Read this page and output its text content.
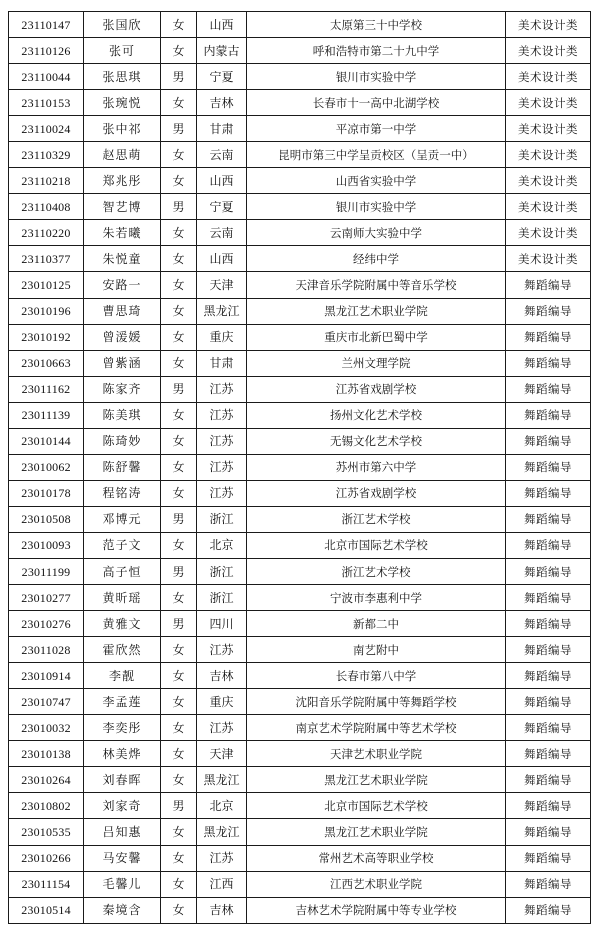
23110147	张国欣	女	山西	太原第三十中学校	美术设计类
23110126	张可	女	内蒙古	呼和浩特市第二十九中学	美术设计类
23110044	张思琪	男	宁夏	银川市实验中学	美术设计类
23110153	张琬悦	女	吉林	长春市十一高中北湖学校	美术设计类
23110024	张中祁	男	甘肃	平凉市第一中学	美术设计类
23110329	赵思萌	女	云南	昆明市第三中学呈贡校区（呈贡一中）	美术设计类
23110218	郑兆彤	女	山西	山西省实验中学	美术设计类
23110408	智艺博	男	宁夏	银川市实验中学	美术设计类
23110220	朱若曦	女	云南	云南师大实验中学	美术设计类
23110377	朱悦童	女	山西	经纬中学	美术设计类
23010125	安路一	女	天津	天津音乐学院附属中等音乐学校	舞蹈编导
23010196	曹思琦	女	黑龙江	黑龙江艺术职业学院	舞蹈编导
23010192	曾湲媛	女	重庆	重庆市北新巴蜀中学	舞蹈编导
23010663	曾紫涵	女	甘肃	兰州文理学院	舞蹈编导
23011162	陈家齐	男	江苏	江苏省戏剧学校	舞蹈编导
23011139	陈美琪	女	江苏	扬州文化艺术学校	舞蹈编导
23010144	陈琦妙	女	江苏	无锡文化艺术学校	舞蹈编导
23010062	陈舒馨	女	江苏	苏州市第六中学	舞蹈编导
23010178	程铭涛	女	江苏	江苏省戏剧学校	舞蹈编导
23010508	邓博元	男	浙江	浙江艺术学校	舞蹈编导
23010093	范子文	女	北京	北京市国际艺术学校	舞蹈编导
23011199	高子恒	男	浙江	浙江艺术学校	舞蹈编导
23010277	黄昕瑶	女	浙江	宁波市李惠利中学	舞蹈编导
23010276	黄雅文	男	四川	新都二中	舞蹈编导
23011028	霍欣然	女	江苏	南艺附中	舞蹈编导
23010914	李靓	女	吉林	长春市第八中学	舞蹈编导
23010747	李孟莲	女	重庆	沈阳音乐学院附属中等舞蹈学校	舞蹈编导
23010032	李奕彤	女	江苏	南京艺术学院附属中等艺术学校	舞蹈编导
23010138	林美烨	女	天津	天津艺术职业学院	舞蹈编导
23010264	刘春晖	女	黑龙江	黑龙江艺术职业学院	舞蹈编导
23010802	刘家奇	男	北京	北京市国际艺术学校	舞蹈编导
23010535	吕知惠	女	黑龙江	黑龙江艺术职业学院	舞蹈编导
23010266	马安馨	女	江苏	常州艺术高等职业学校	舞蹈编导
23011154	毛馨儿	女	江西	江西艺术职业学院	舞蹈编导
23010514	秦境含	女	吉林	吉林艺术学院附属中等专业学校	舞蹈编导
